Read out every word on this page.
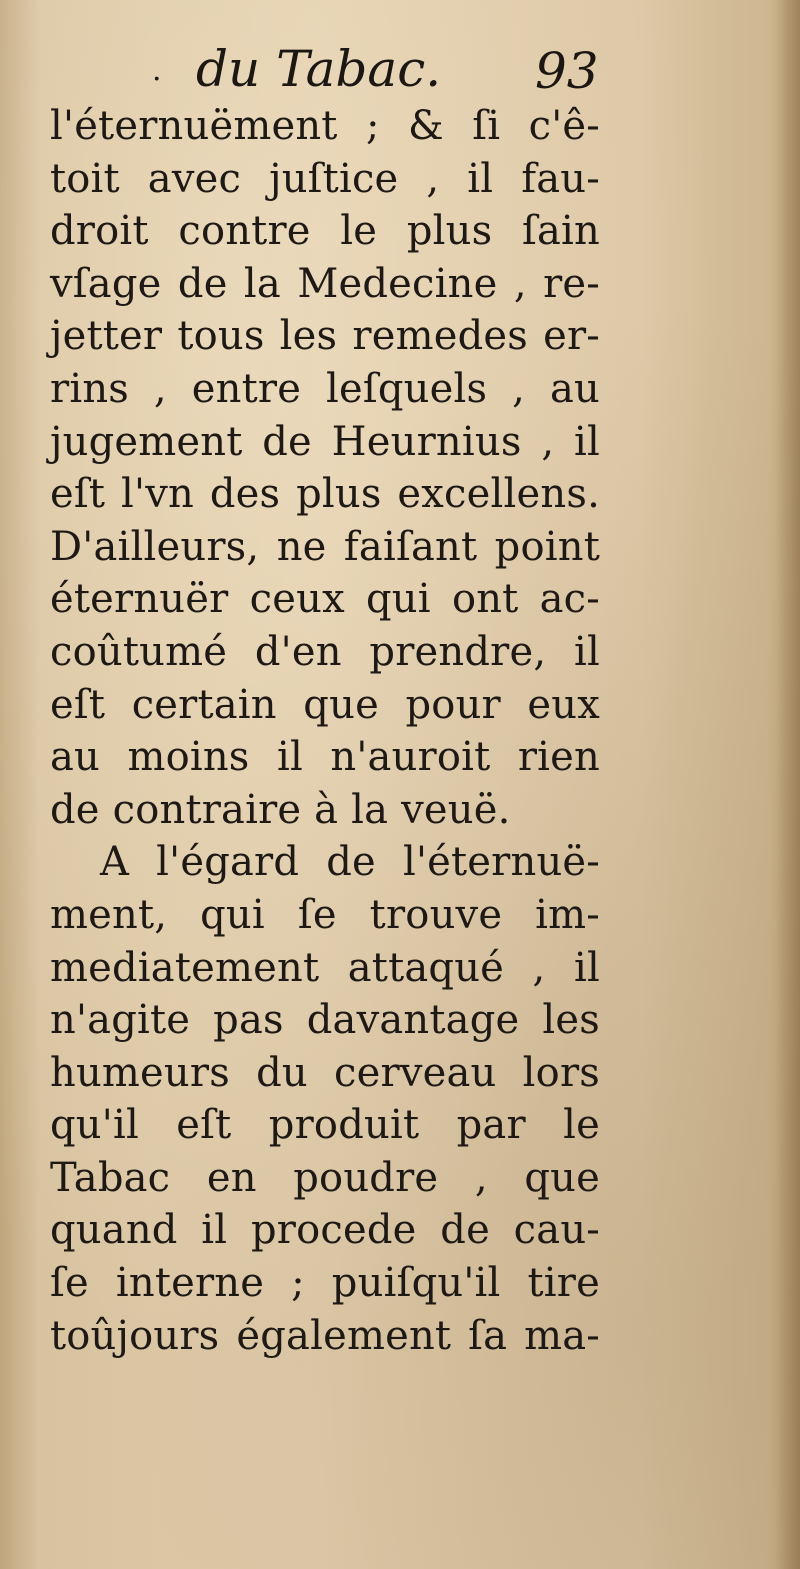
· du Tabac. 93
l'éternuëment ; & ſi c'ê-
toit avec juſtice , il fau-
droit contre le plus ſain
vſage de la Medecine , re-
jetter tous les remedes er-
rins , entre leſquels , au
jugement de Heurnius , il
eſt l'vn des plus excellens.
D'ailleurs, ne faiſant point
éternuër ceux qui ont ac-
coûtumé d'en prendre, il
eſt certain que pour eux
au moins il n'auroit rien
de contraire à la veuë.
A l'égard de l'éternuë-
ment, qui ſe trouve im-
mediatement attaqué , il
n'agite pas davantage les
humeurs du cerveau lors
qu'il eſt produit par le
Tabac en poudre , que
quand il procede de cau-
ſe interne ; puiſqu'il tire
toûjours également ſa ma-
